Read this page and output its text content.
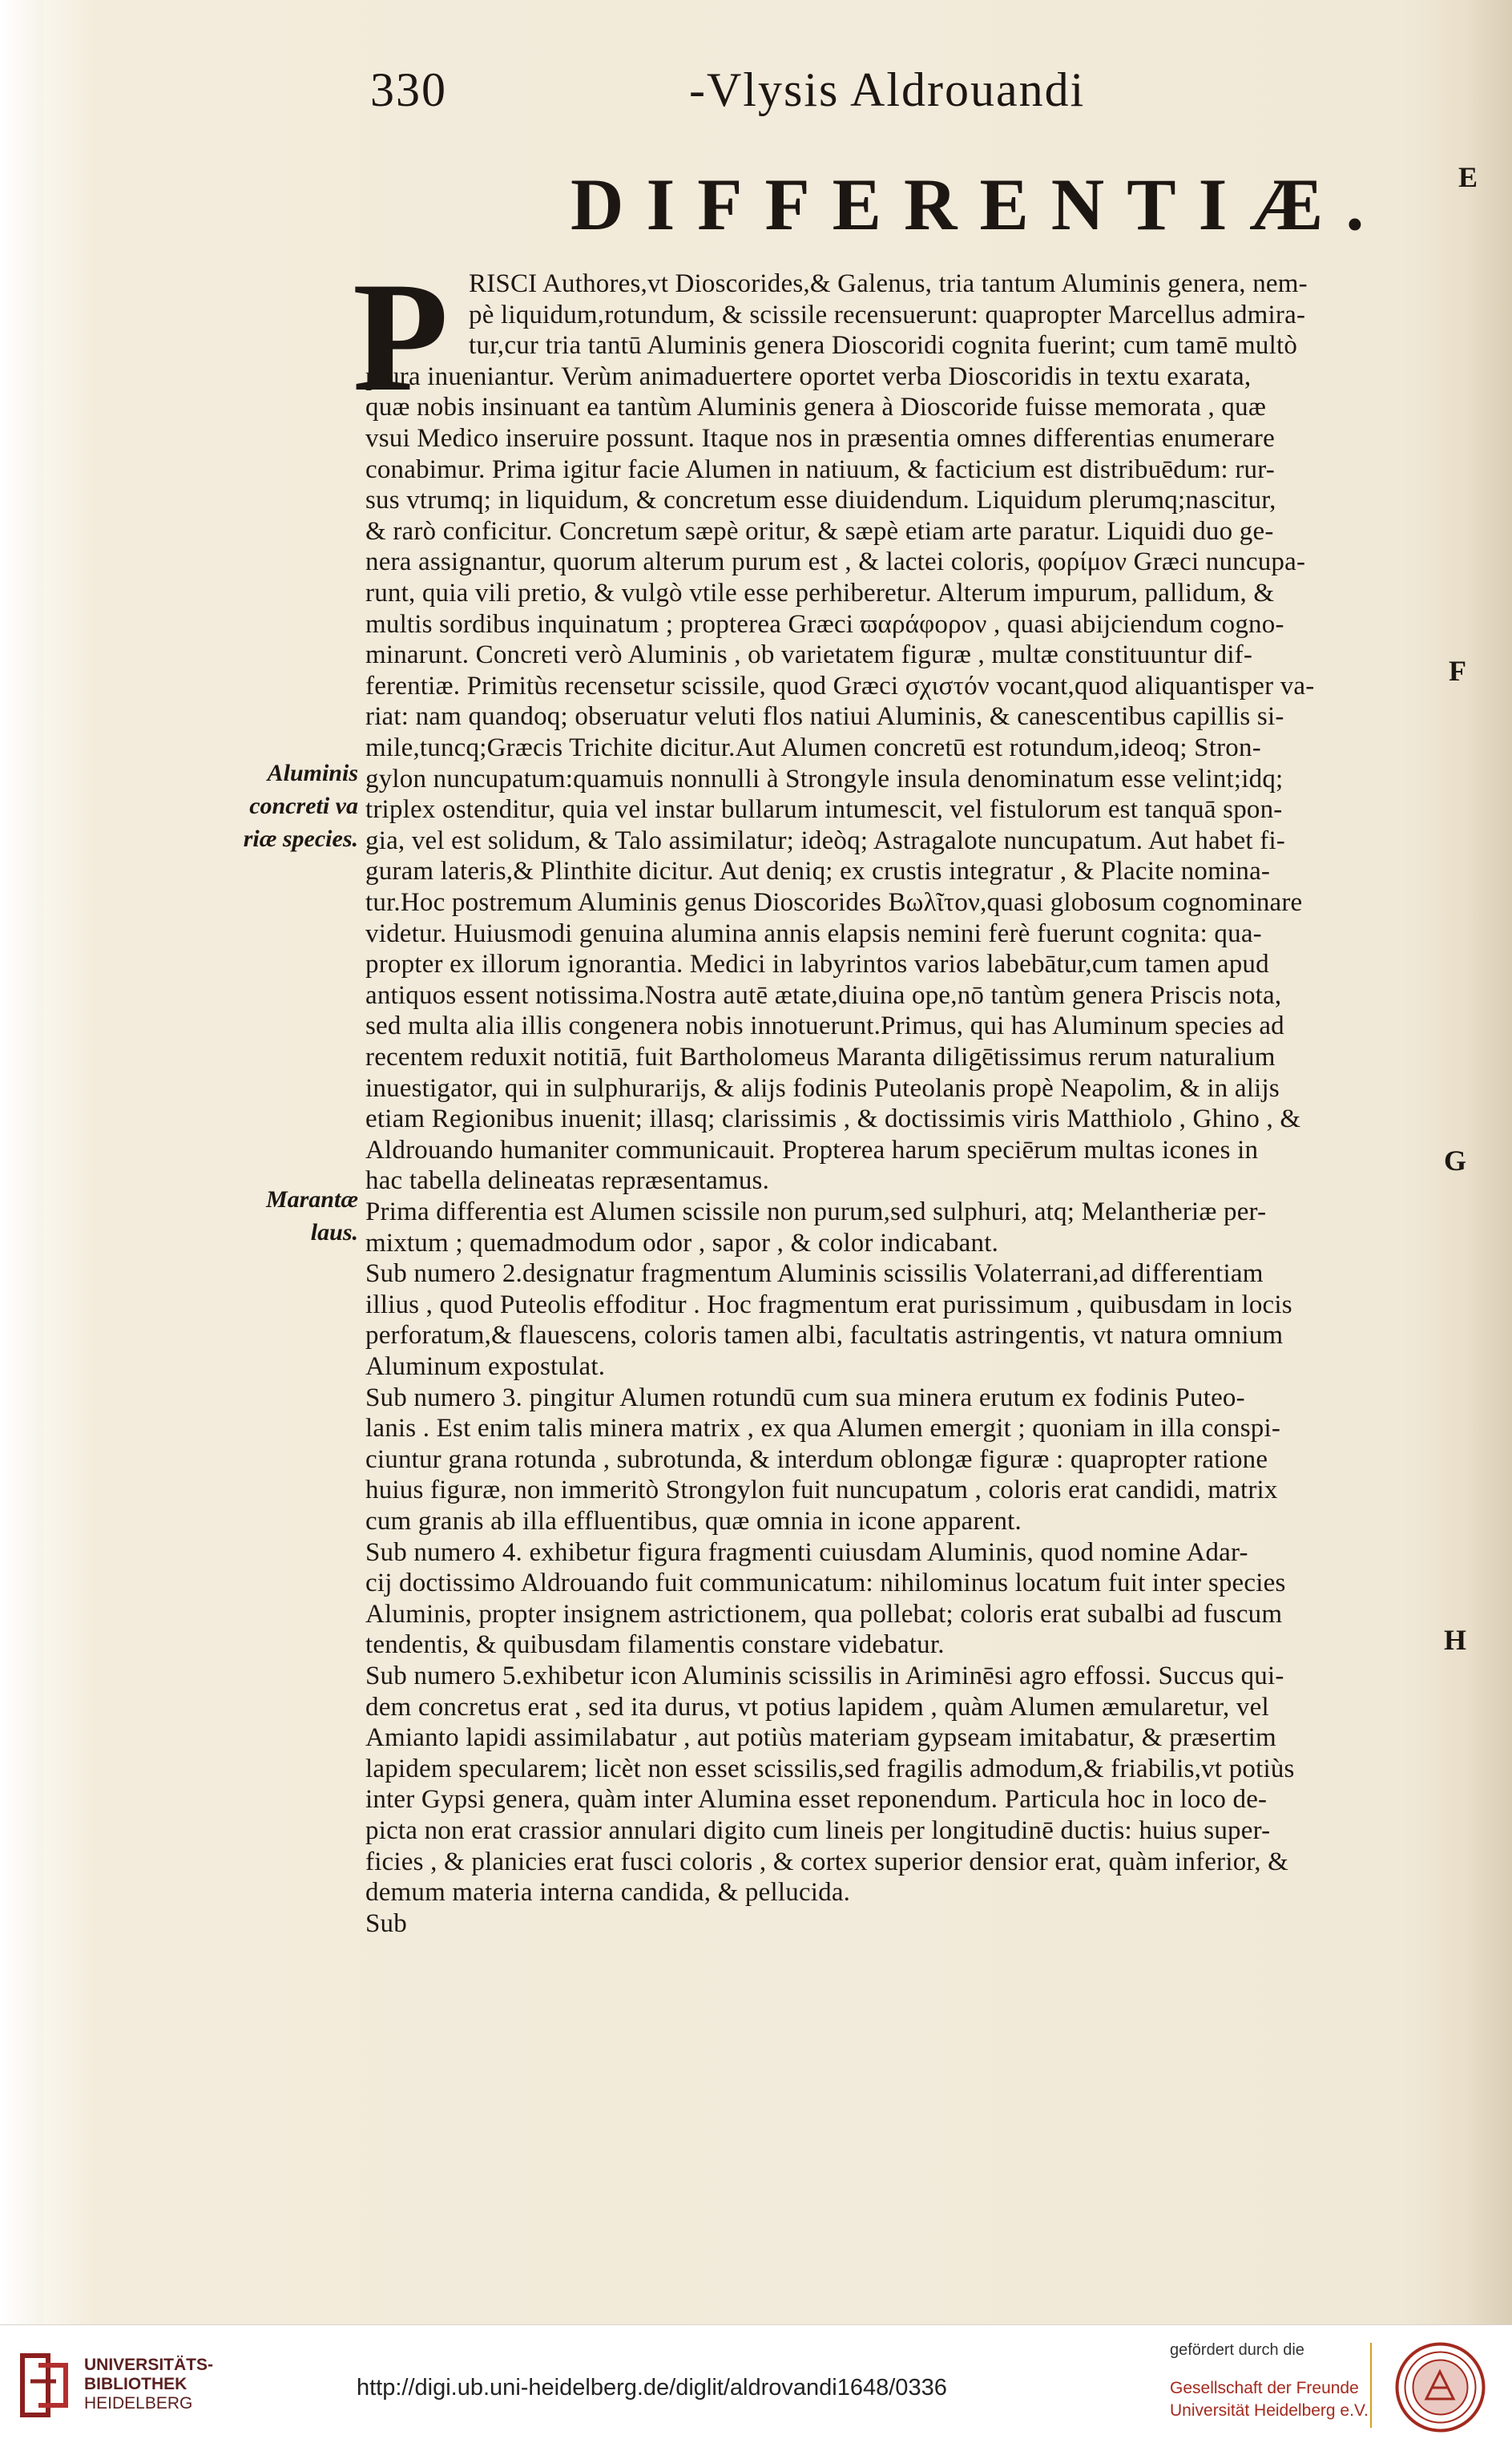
330	-Vlysis Aldrouandi
DIFFERENTIÆ. E
F
G
H
P RISCI Authores,vt Dioscorides,& Galenus, tria tantum Aluminis genera, nem-
pè liquidum,rotundum, & scissile recensuerunt: quapropter Marcellus admira-
tur,cur tria tantū Aluminis genera Dioscoridi cognita fuerint; cum tamē multò
plura inueniantur. Verùm animaduertere oportet verba Dioscoridis in textu exarata,
quæ nobis insinuant ea tantùm Aluminis genera à Dioscoride fuisse memorata , quæ
vsui Medico inseruire possunt. Itaque nos in præsentia omnes differentias enumerare
conabimur. Prima igitur facie Alumen in natiuum, & facticium est distribuēdum: rur-
sus vtrumq; in liquidum, & concretum esse diuidendum. Liquidum plerumq;nascitur,
& rarò conficitur. Concretum sæpè oritur, & sæpè etiam arte paratur. Liquidi duo ge-
nera assignantur, quorum alterum purum est , & lactei coloris, φορίμον Græci nuncupa-
runt, quia vili pretio, & vulgò vtile esse perhiberetur. Alterum impurum, pallidum, &
multis sordibus inquinatum ; propterea Græci ϖαράφορον , quasi abijciendum cogno-
minarunt. Concreti verò Aluminis , ob varietatem figuræ , multæ constituuntur dif-
ferentiæ. Primitùs recensetur scissile, quod Græci σχιστόν vocant,quod aliquantisper va-
riat: nam quandoq; obseruatur veluti flos natiui Aluminis, & canescentibus capillis si-
mile,tuncq;Græcis Trichite dicitur.Aut Alumen concretū est rotundum,ideoq; Stron-
gylon nuncupatum:quamuis nonnulli à Strongyle insula denominatum esse velint;idq;
triplex ostenditur, quia vel instar bullarum intumescit, vel fistulorum est tanquā spon-
gia, vel est solidum, & Talo assimilatur; ideòq; Astragalote nuncupatum. Aut habet fi-
guram lateris,& Plinthite dicitur. Aut deniq; ex crustis integratur , & Placite nomina-
tur.Hoc postremum Aluminis genus Dioscorides Βωλῖτον,quasi globosum cognominare
videtur. Huiusmodi genuina alumina annis elapsis nemini ferè fuerunt cognita: qua-
propter ex illorum ignorantia. Medici in labyrintos varios labebātur,cum tamen apud
antiquos essent notissima.Nostra autē ætate,diuina ope,nō tantùm genera Priscis nota,
sed multa alia illis congenera nobis innotuerunt.Primus, qui has Aluminum species ad
recentem reduxit notitiā, fuit Bartholomeus Maranta diligētissimus rerum naturalium
inuestigator, qui in sulphurarijs, & alijs fodinis Puteolanis propè Neapolim, & in alijs
etiam Regionibus inuenit; illasq; clarissimis , & doctissimis viris Matthiolo , Ghino , &
Aldrouando humaniter communicauit. Propterea harum speciērum multas icones in
hac tabella delineatas repræsentamus.
Prima differentia est Alumen scissile non purum,sed sulphuri, atq; Melantheriæ per-
mixtum ; quemadmodum odor , sapor , & color indicabant.
Sub numero 2.designatur fragmentum Aluminis scissilis Volaterrani,ad differentiam
illius , quod Puteolis effoditur . Hoc fragmentum erat purissimum , quibusdam in locis
perforatum,& flauescens, coloris tamen albi, facultatis astringentis, vt natura omnium
Aluminum expostulat.
Sub numero 3. pingitur Alumen rotundū cum sua minera erutum ex fodinis Puteo-
lanis . Est enim talis minera matrix , ex qua Alumen emergit ; quoniam in illa conspi-
ciuntur grana rotunda , subrotunda, & interdum oblongæ figuræ : quapropter ratione
huius figuræ, non immeritò Strongylon fuit nuncupatum , coloris erat candidi, matrix
cum granis ab illa effluentibus, quæ omnia in icone apparent.
Sub numero 4. exhibetur figura fragmenti cuiusdam Aluminis, quod nomine Adar-
cij doctissimo Aldrouando fuit communicatum: nihilominus locatum fuit inter species
Aluminis, propter insignem astrictionem, qua pollebat; coloris erat subalbi ad fuscum
tendentis, & quibusdam filamentis constare videbatur.
Sub numero 5.exhibetur icon Aluminis scissilis in Ariminēsi agro effossi. Succus qui-
dem concretus erat , sed ita durus, vt potius lapidem , quàm Alumen æmularetur, vel
Amianto lapidi assimilabatur , aut potiùs materiam gypseam imitabatur, & præsertim
lapidem specularem; licèt non esset scissilis,sed fragilis admodum,& friabilis,vt potiùs
inter Gypsi genera, quàm inter Alumina esset reponendum. Particula hoc in loco de-
picta non erat crassior annulari digito cum lineis per longitudinē ductis: huius super-
ficies , & planicies erat fusci coloris , & cortex superior densior erat, quàm inferior, &
demum materia interna candida, & pellucida.
Sub
Aluminis
concreti va
riæ species.
Marantæ
laus.
UNIVERSITÄTS-
BIBLIOTHEK
HEIDELBERG
http://digi.ub.uni-heidelberg.de/diglit/aldrovandi1648/0336
gefördert durch die
Gesellschaft der Freunde
Universität Heidelberg e.V.
